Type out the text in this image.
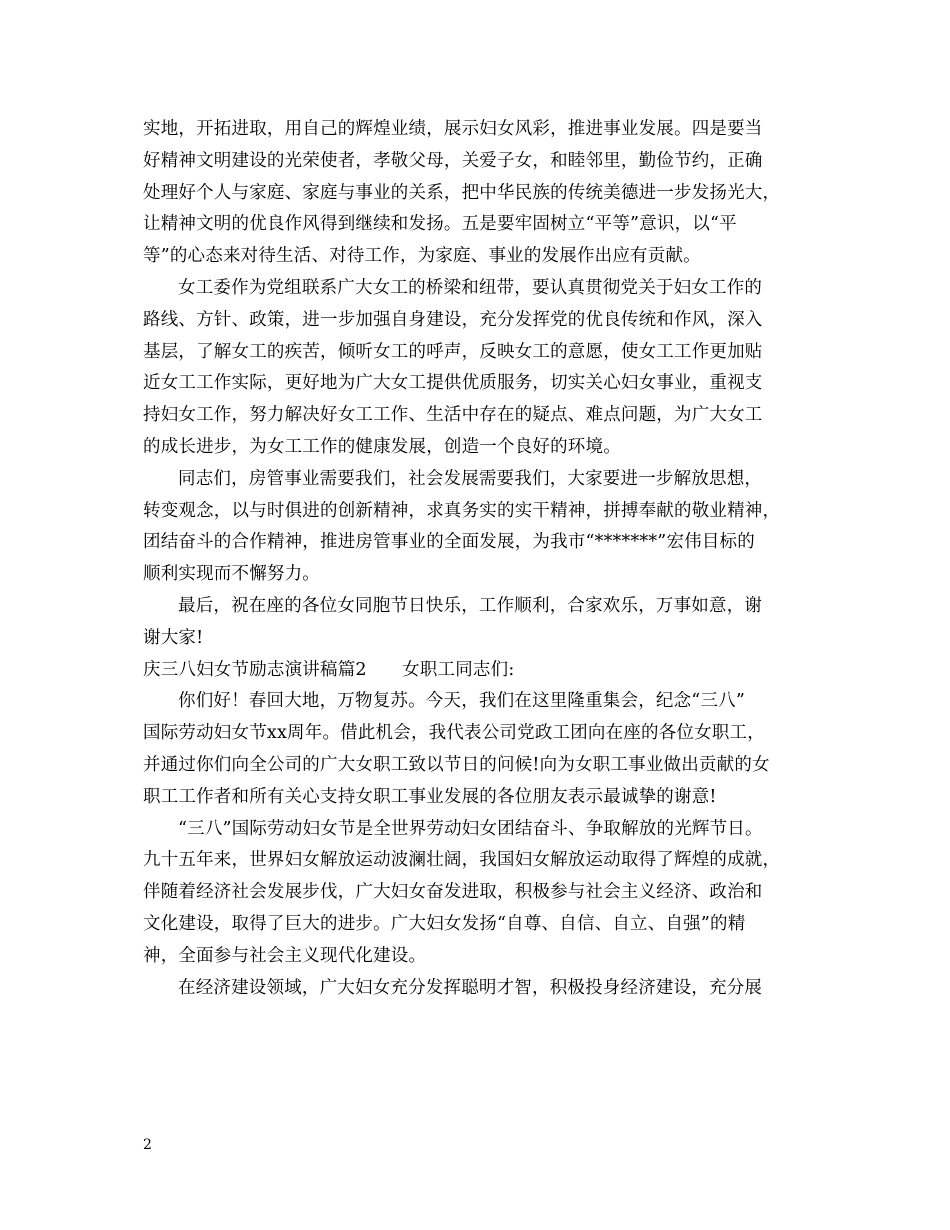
实地，开拓进取，用自己的辉煌业绩，展示妇女风彩，推进事业发展。四是要当
好精神文明建设的光荣使者，孝敬父母，关爱子女，和睦邻里，勤俭节约，正确
处理好个人与家庭、家庭与事业的关系，把中华民族的传统美德进一步发扬光大，
让精神文明的优良作风得到继续和发扬。五是要牢固树立“平等”意识，以“平
等”的心态来对待生活、对待工作，为家庭、事业的发展作出应有贡献。
女工委作为党组联系广大女工的桥梁和纽带，要认真贯彻党关于妇女工作的
路线、方针、政策，进一步加强自身建设，充分发挥党的优良传统和作风，深入
基层，了解女工的疾苦，倾听女工的呼声，反映女工的意愿，使女工工作更加贴
近女工工作实际，更好地为广大女工提供优质服务，切实关心妇女事业，重视支
持妇女工作，努力解决好女工工作、生活中存在的疑点、难点问题，为广大女工
的成长进步，为女工工作的健康发展，创造一个良好的环境。
同志们，房管事业需要我们，社会发展需要我们，大家要进一步解放思想，
转变观念，以与时俱进的创新精神，求真务实的实干精神，拼搏奉献的敬业精神，
团结奋斗的合作精神，推进房管事业的全面发展，为我市“*******”宏伟目标的
顺利实现而不懈努力。
最后，祝在座的各位女同胞节日快乐，工作顺利，合家欢乐，万事如意，谢
谢大家!
庆三八妇女节励志演讲稿篇2　　女职工同志们:
你们好！春回大地，万物复苏。今天，我们在这里隆重集会，纪念“三八”
国际劳动妇女节xx周年。借此机会，我代表公司党政工团向在座的各位女职工，
并通过你们向全公司的广大女职工致以节日的问候!向为女职工事业做出贡献的女
职工工作者和所有关心支持女职工事业发展的各位朋友表示最诚挚的谢意!
“三八”国际劳动妇女节是全世界劳动妇女团结奋斗、争取解放的光辉节日。
九十五年来，世界妇女解放运动波澜壮阔，我国妇女解放运动取得了辉煌的成就，
伴随着经济社会发展步伐，广大妇女奋发进取，积极参与社会主义经济、政治和
文化建设，取得了巨大的进步。广大妇女发扬“自尊、自信、自立、自强”的精
神，全面参与社会主义现代化建设。
在经济建设领域，广大妇女充分发挥聪明才智，积极投身经济建设，充分展
2
